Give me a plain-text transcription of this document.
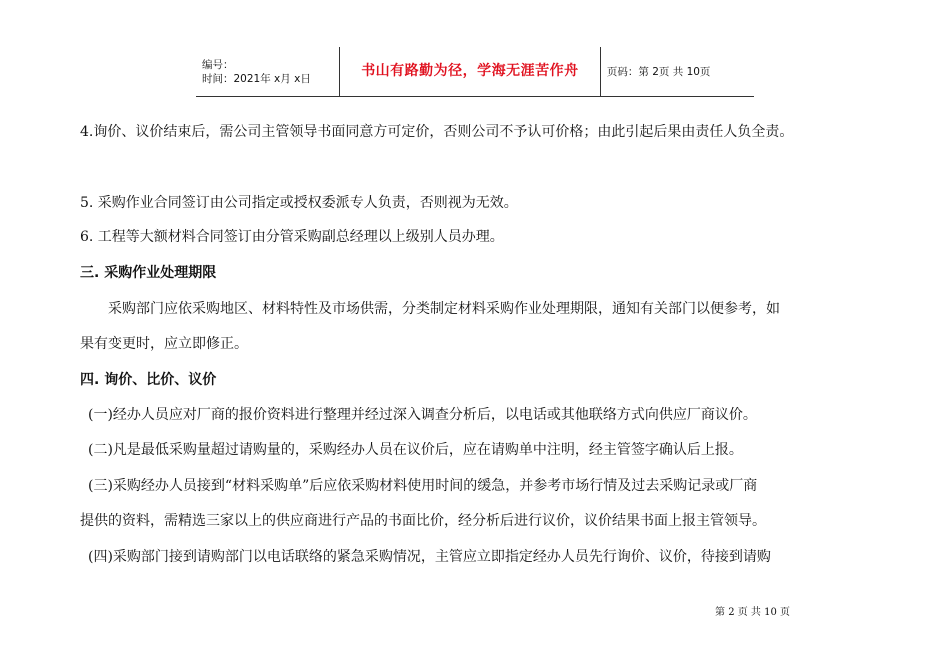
编号：
时间：2021年 x月 x日	书山有路勤为径，学海无涯苦作舟	页码：第 2页 共 10页
4.询价、议价结束后，需公司主管领导书面同意方可定价，否则公司不予认可价格；由此引起后果由责任人负全责。
5. 采购作业合同签订由公司指定或授权委派专人负责，否则视为无效。
6. 工程等大额材料合同签订由分管采购副总经理以上级别人员办理。
三. 采购作业处理期限
采购部门应依采购地区、材料特性及市场供需，分类制定材料采购作业处理期限，通知有关部门以便参考，如
果有变更时，应立即修正。
四. 询价、比价、议价
(一)经办人员应对厂商的报价资料进行整理并经过深入调查分析后，以电话或其他联络方式向供应厂商议价。
(二)凡是最低采购量超过请购量的，采购经办人员在议价后，应在请购单中注明，经主管签字确认后上报。
(三)采购经办人员接到“材料采购单”后应依采购材料使用时间的缓急，并参考市场行情及过去采购记录或厂商
提供的资料，需精选三家以上的供应商进行产品的书面比价，经分析后进行议价，议价结果书面上报主管领导。
(四)采购部门接到请购部门以电话联络的紧急采购情况，主管应立即指定经办人员先行询价、议价，待接到请购
第 2 页 共 10 页
